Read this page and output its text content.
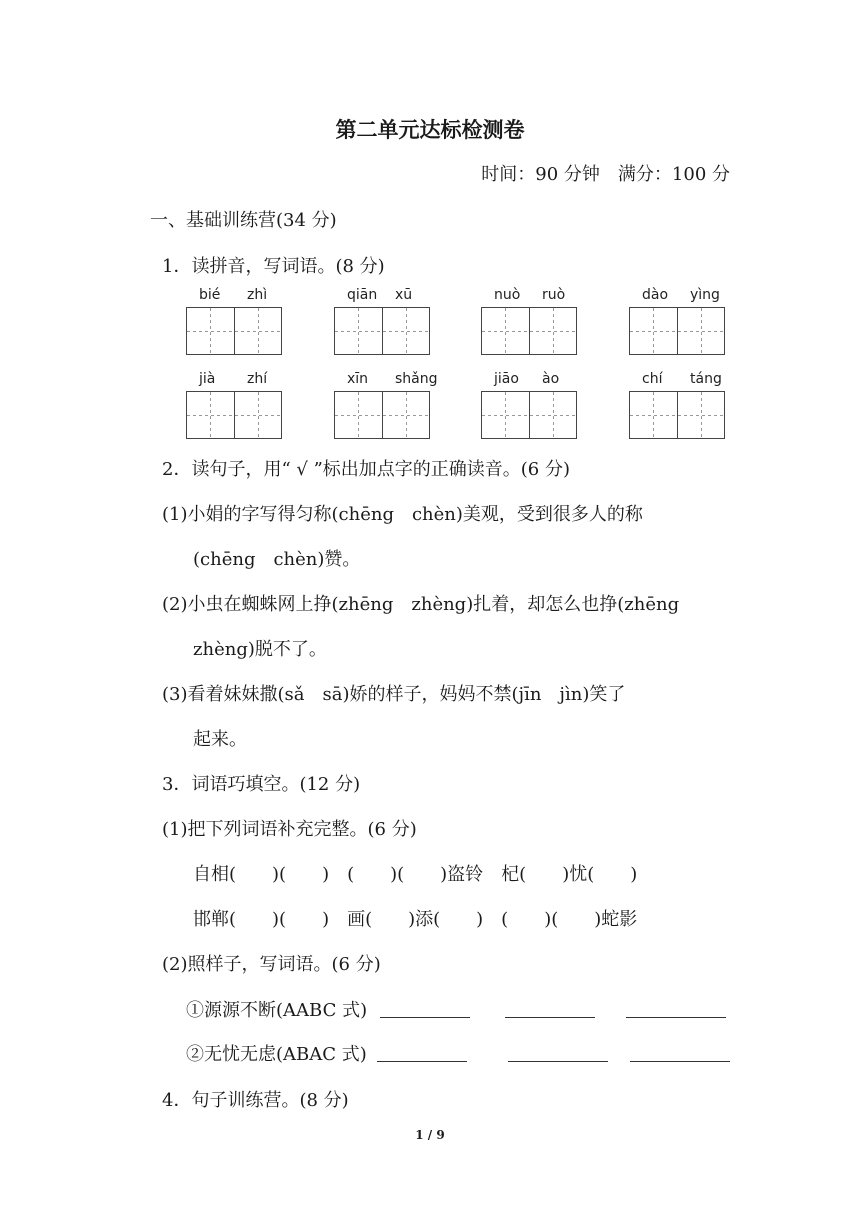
第二单元达标检测卷
时间：90 分钟　满分：100 分
一、基础训练营(34 分)
1．读拼音，写词语。(8 分)
bié zhì	qiān xū	nuò ruò	dào yìng
jià zhí	xīn shǎng	jiāo ào	chí táng
2．读句子，用“ √ ”标出加点字的正确读音。(6 分)
(1)小娟的字写得匀称(chēng　chèn)美观，受到很多人的称
(chēng　chèn)赞。
(2)小虫在蜘蛛网上挣(zhēng　zhèng)扎着，却怎么也挣(zhēng
zhèng)脱不了。
(3)看着妹妹撒(sǎ　sā)娇的样子，妈妈不禁(jīn　jìn)笑了
起来。
3．词语巧填空。(12 分)
(1)把下列词语补充完整。(6 分)
自相(　　)(　　)　(　　)(　　)盗铃　杞(　　)忧(　　)
邯郸(　　)(　　)　画(　　)添(　　)　(　　)(　　)蛇影
(2)照样子，写词语。(6 分)
①源源不断(AABC 式)
②无忧无虑(ABAC 式)
4．句子训练营。(8 分)
1 / 9
